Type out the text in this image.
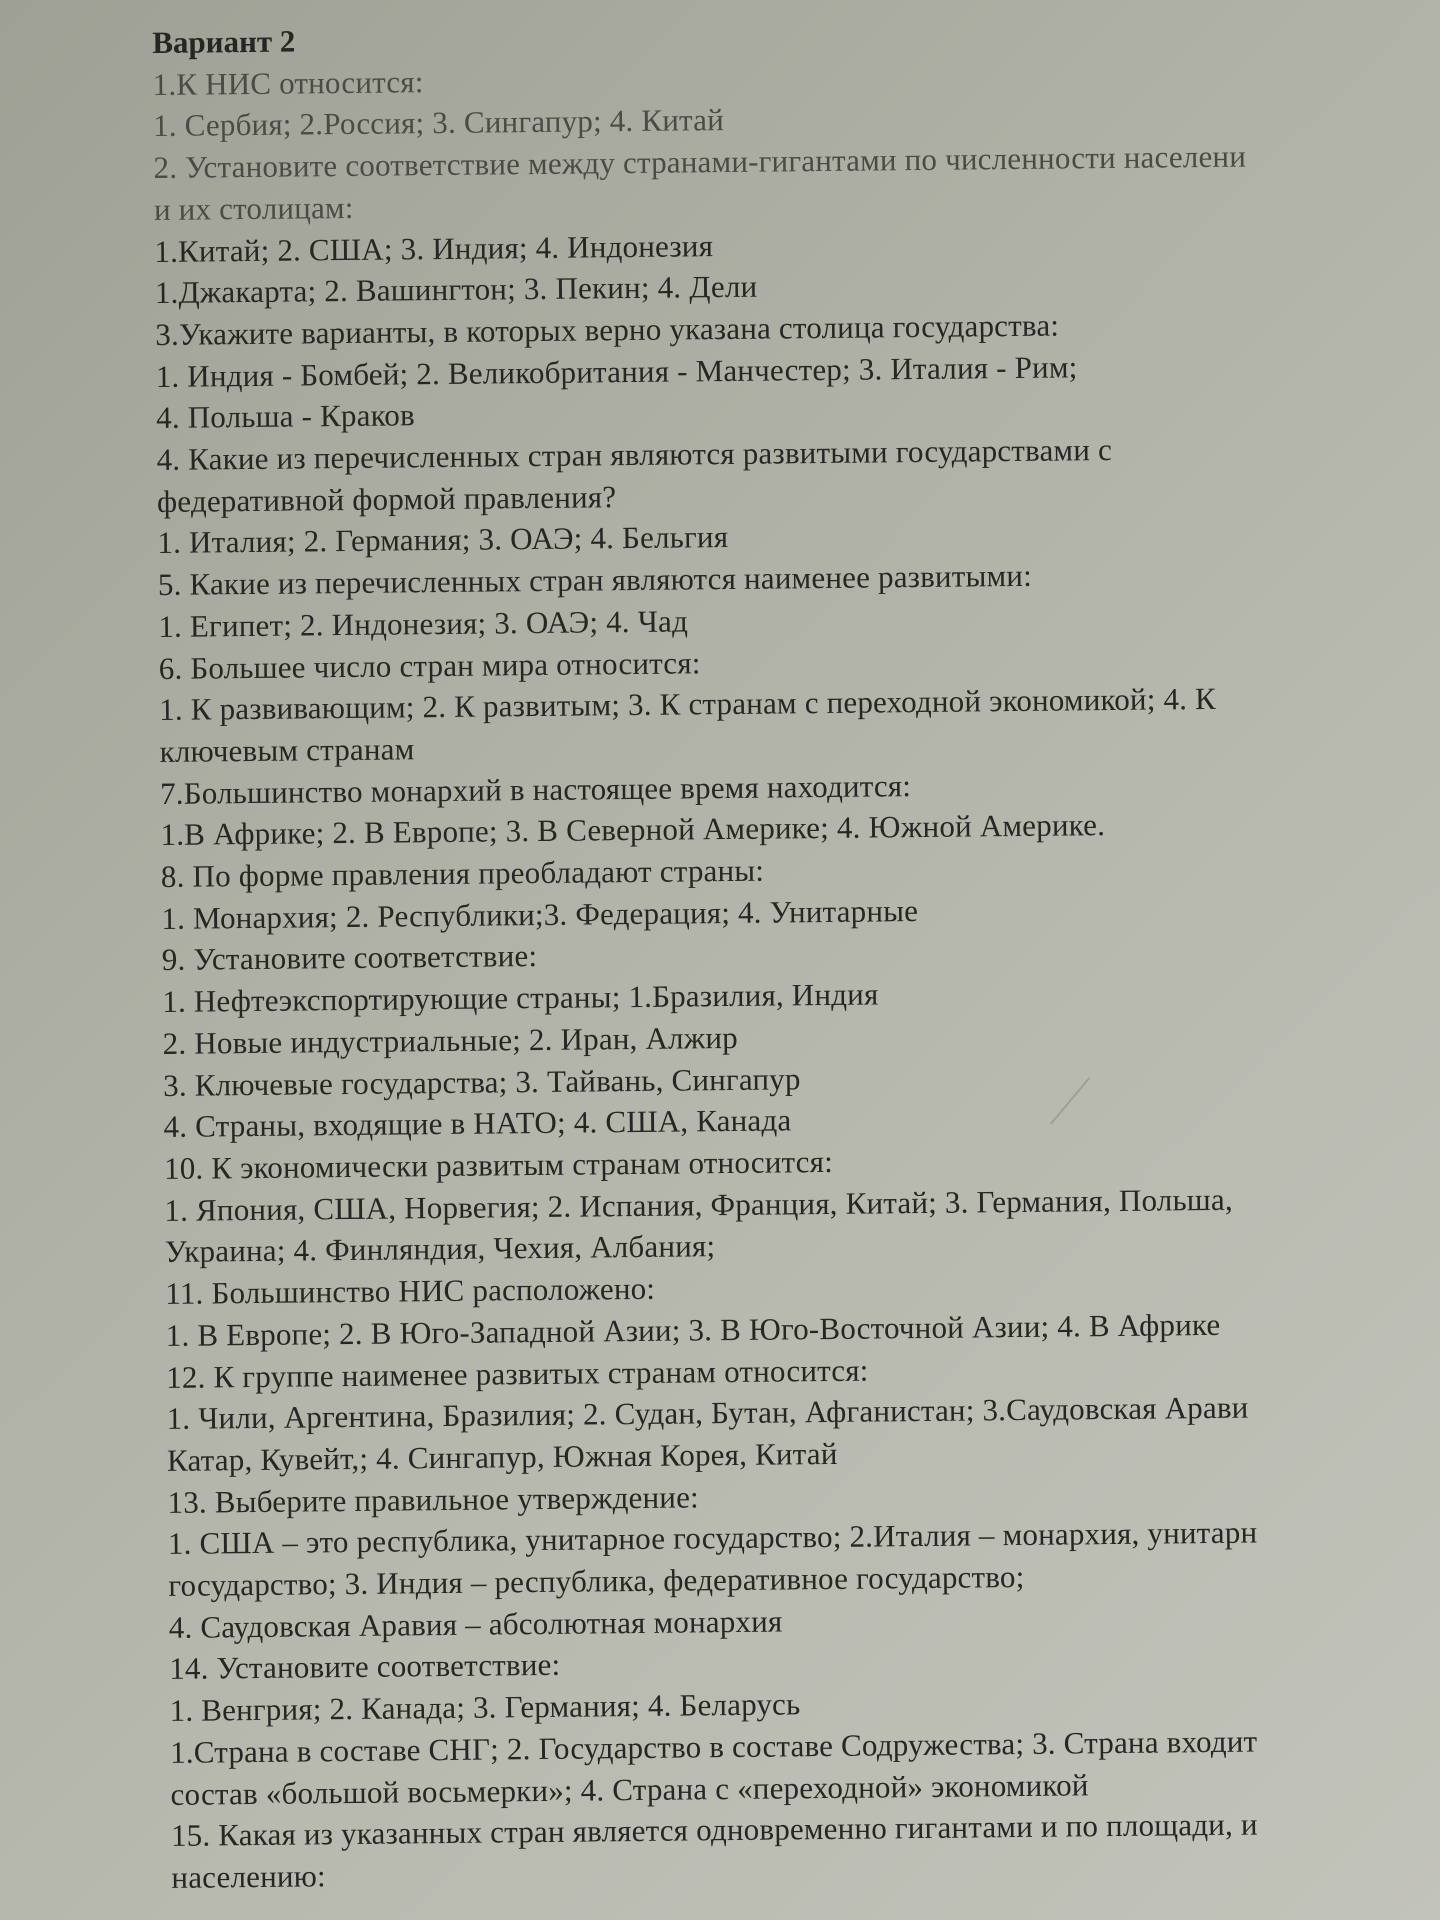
Вариант 2
1.К НИС относится:
1. Сербия; 2.Россия; 3. Сингапур; 4. Китай
2. Установите соответствие между странами-гигантами по численности населени
и их столицам:
1.Китай; 2. США; 3. Индия; 4. Индонезия
1.Джакарта; 2. Вашингтон; 3. Пекин; 4. Дели
3.Укажите варианты, в которых верно указана столица государства:
1. Индия - Бомбей; 2. Великобритания - Манчестер; 3. Италия - Рим;
4. Польша - Краков
4. Какие из перечисленных стран являются развитыми государствами с
федеративной формой правления?
1. Италия; 2. Германия; 3. ОАЭ; 4. Бельгия
5. Какие из перечисленных стран являются наименее развитыми:
1. Египет; 2. Индонезия; 3. ОАЭ; 4. Чад
6. Большее число стран мира относится:
1. К развивающим; 2. К развитым; 3. К странам с переходной экономикой; 4. К
ключевым странам
7.Большинство монархий в настоящее время находится:
1.В Африке; 2. В Европе; 3. В Северной Америке; 4. Южной Америке.
8. По форме правления преобладают страны:
1. Монархия; 2. Республики;3. Федерация; 4. Унитарные
9. Установите соответствие:
1. Нефтеэкспортирующие страны; 1.Бразилия, Индия
2. Новые индустриальные; 2. Иран, Алжир
3. Ключевые государства; 3. Тайвань, Сингапур
4. Страны, входящие в НАТО; 4. США, Канада
10. К экономически развитым странам относится:
1. Япония, США, Норвегия; 2. Испания, Франция, Китай; 3. Германия, Польша,
Украина; 4. Финляндия, Чехия, Албания;
11. Большинство НИС расположено:
1. В Европе; 2. В Юго-Западной Азии; 3. В Юго-Восточной Азии; 4. В Африке
12. К группе наименее развитых странам относится:
1. Чили, Аргентина, Бразилия; 2. Судан, Бутан, Афганистан; 3.Саудовская Арави
Катар, Кувейт,; 4. Сингапур, Южная Корея, Китай
13. Выберите правильное утверждение:
1. США – это республика, унитарное государство; 2.Италия – монархия, унитарн
государство; 3. Индия – республика, федеративное государство;
4. Саудовская Аравия – абсолютная монархия
14. Установите соответствие:
1. Венгрия; 2. Канада; 3. Германия; 4. Беларусь
1.Страна в составе СНГ; 2. Государство в составе Содружества; 3. Страна входит
состав «большой восьмерки»; 4. Страна с «переходной» экономикой
15. Какая из указанных стран является одновременно гигантами и по площади, и
населению:
